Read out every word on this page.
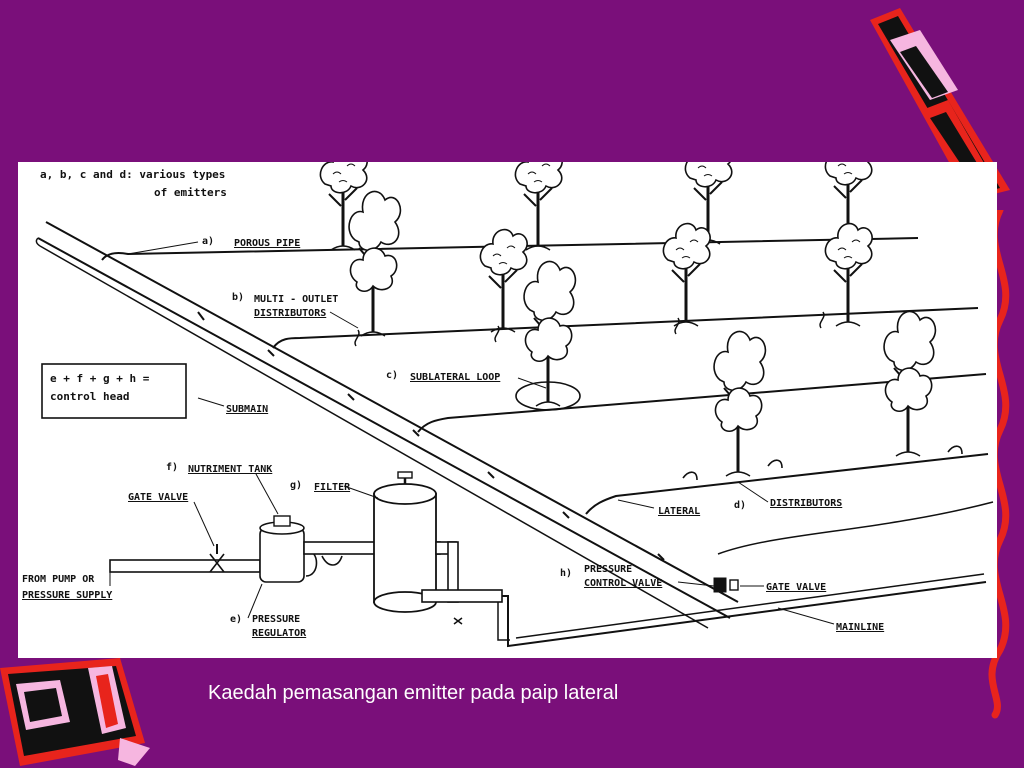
e + f + g + h =
control head
a, b, c and d: various types
of emitters
a) POROUS PIPE
b) MULTI - OUTLET
DISTRIBUTORS
c) SUBLATERAL LOOP
SUBMAIN
f) NUTRIMENT TANK
g) FILTER
GATE VALVE
FROM PUMP OR
PRESSURE SUPPLY
e) PRESSURE
REGULATOR
h) PRESSURE
CONTROL VALVE
LATERAL
d) DISTRIBUTORS
GATE VALVE
MAINLINE
Kaedah pemasangan emitter pada paip lateral
